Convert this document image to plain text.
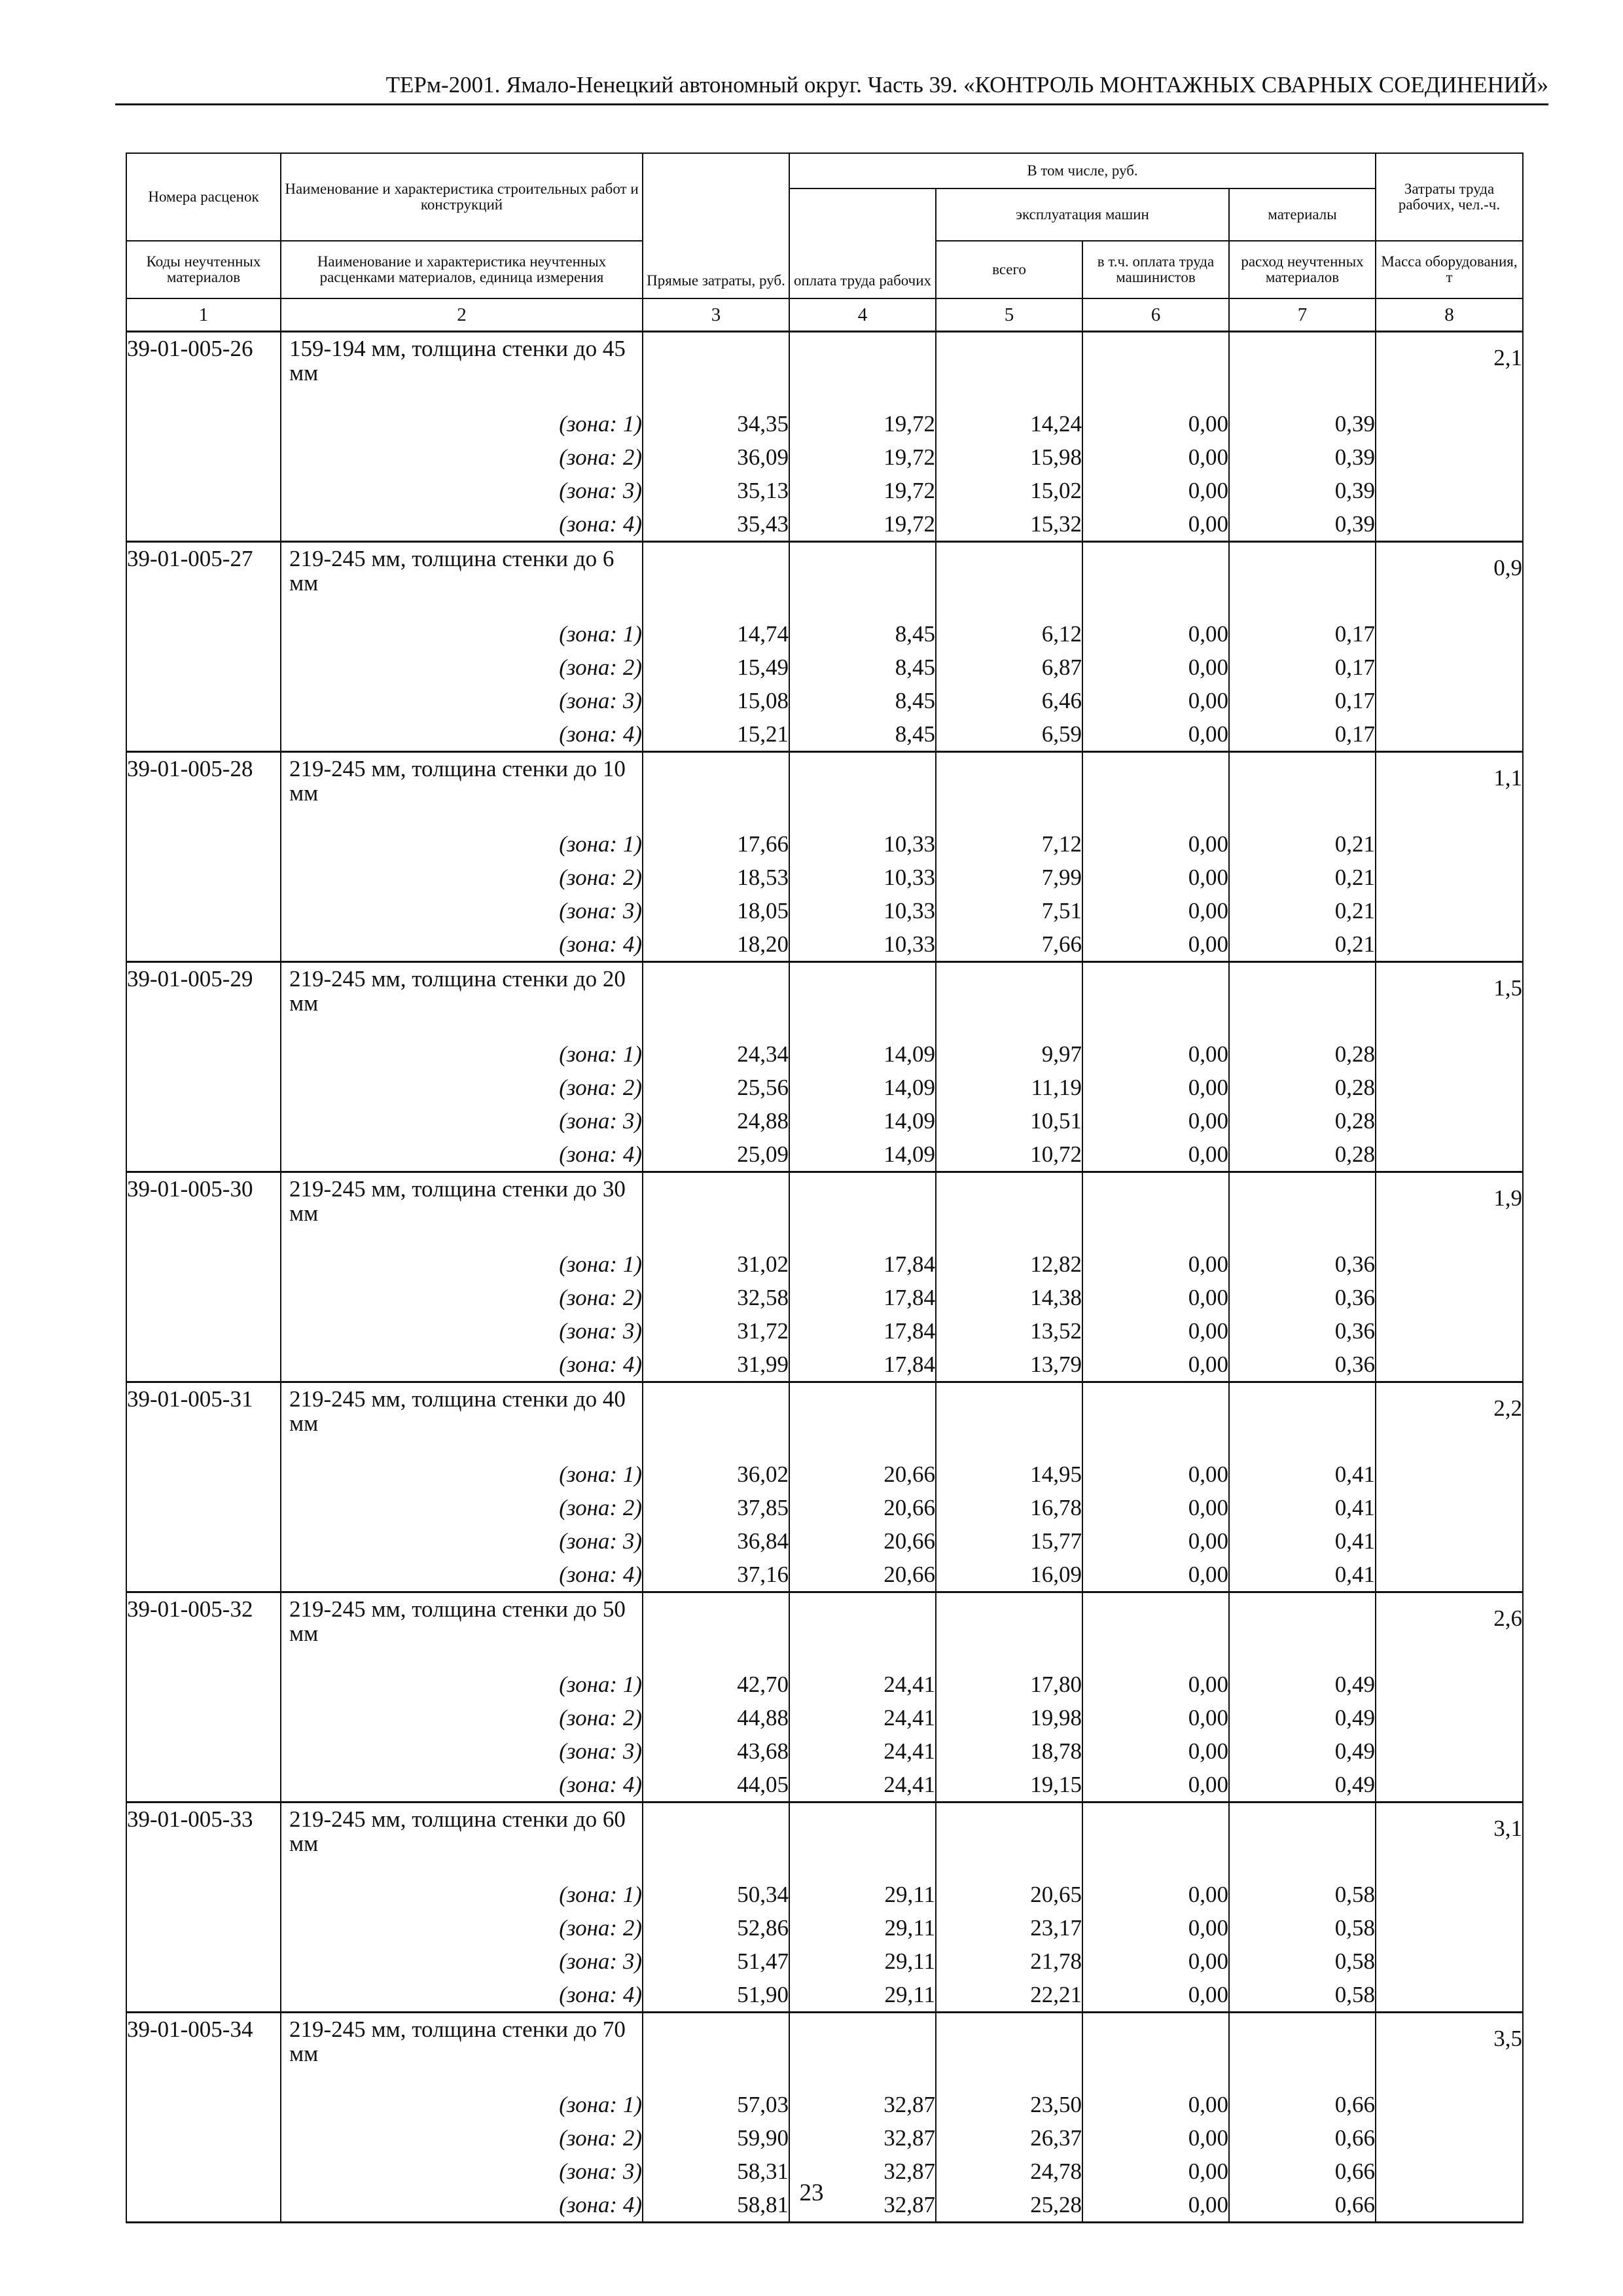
ТЕРм-2001. Ямало-Ненецкий автономный округ. Часть 39. «КОНТРОЛЬ МОНТАЖНЫХ СВАРНЫХ СОЕДИНЕНИЙ»
Номера расценок	Наименование и характеристика строительных работ и конструкций	Прямые затраты, руб.	В том числе, руб.				Затраты труда рабочих, чел.-ч.
			оплата труда рабочих	эксплуатация машин		материалы	
Коды неучтенных материалов	Наименование и характеристика неучтенных расценками материалов, единица измерения			всего	в т.ч. оплата труда машинистов	расход неучтенных материалов	Масса оборудования, т
1	2	3	4	5	6	7	8
39-01-005-26	159-194 мм, толщина стенки до 45 мм						2,1
	(зона: 1)	34,35	19,72	14,24	0,00	0,39	
	(зона: 2)	36,09	19,72	15,98	0,00	0,39	
	(зона: 3)	35,13	19,72	15,02	0,00	0,39	
	(зона: 4)	35,43	19,72	15,32	0,00	0,39	
39-01-005-27	219-245 мм, толщина стенки до 6 мм						0,9
	(зона: 1)	14,74	8,45	6,12	0,00	0,17	
	(зона: 2)	15,49	8,45	6,87	0,00	0,17	
	(зона: 3)	15,08	8,45	6,46	0,00	0,17	
	(зона: 4)	15,21	8,45	6,59	0,00	0,17	
39-01-005-28	219-245 мм, толщина стенки до 10 мм						1,1
	(зона: 1)	17,66	10,33	7,12	0,00	0,21	
	(зона: 2)	18,53	10,33	7,99	0,00	0,21	
	(зона: 3)	18,05	10,33	7,51	0,00	0,21	
	(зона: 4)	18,20	10,33	7,66	0,00	0,21	
39-01-005-29	219-245 мм, толщина стенки до 20 мм						1,5
	(зона: 1)	24,34	14,09	9,97	0,00	0,28	
	(зона: 2)	25,56	14,09	11,19	0,00	0,28	
	(зона: 3)	24,88	14,09	10,51	0,00	0,28	
	(зона: 4)	25,09	14,09	10,72	0,00	0,28	
39-01-005-30	219-245 мм, толщина стенки до 30 мм						1,9
	(зона: 1)	31,02	17,84	12,82	0,00	0,36	
	(зона: 2)	32,58	17,84	14,38	0,00	0,36	
	(зона: 3)	31,72	17,84	13,52	0,00	0,36	
	(зона: 4)	31,99	17,84	13,79	0,00	0,36	
39-01-005-31	219-245 мм, толщина стенки до 40 мм						2,2
	(зона: 1)	36,02	20,66	14,95	0,00	0,41	
	(зона: 2)	37,85	20,66	16,78	0,00	0,41	
	(зона: 3)	36,84	20,66	15,77	0,00	0,41	
	(зона: 4)	37,16	20,66	16,09	0,00	0,41	
39-01-005-32	219-245 мм, толщина стенки до 50 мм						2,6
	(зона: 1)	42,70	24,41	17,80	0,00	0,49	
	(зона: 2)	44,88	24,41	19,98	0,00	0,49	
	(зона: 3)	43,68	24,41	18,78	0,00	0,49	
	(зона: 4)	44,05	24,41	19,15	0,00	0,49	
39-01-005-33	219-245 мм, толщина стенки до 60 мм						3,1
	(зона: 1)	50,34	29,11	20,65	0,00	0,58	
	(зона: 2)	52,86	29,11	23,17	0,00	0,58	
	(зона: 3)	51,47	29,11	21,78	0,00	0,58	
	(зона: 4)	51,90	29,11	22,21	0,00	0,58	
39-01-005-34	219-245 мм, толщина стенки до 70 мм						3,5
	(зона: 1)	57,03	32,87	23,50	0,00	0,66	
	(зона: 2)	59,90	32,87	26,37	0,00	0,66	
	(зона: 3)	58,31	32,87	24,78	0,00	0,66	
	(зона: 4)	58,81	32,87	25,28	0,00	0,66	
23
